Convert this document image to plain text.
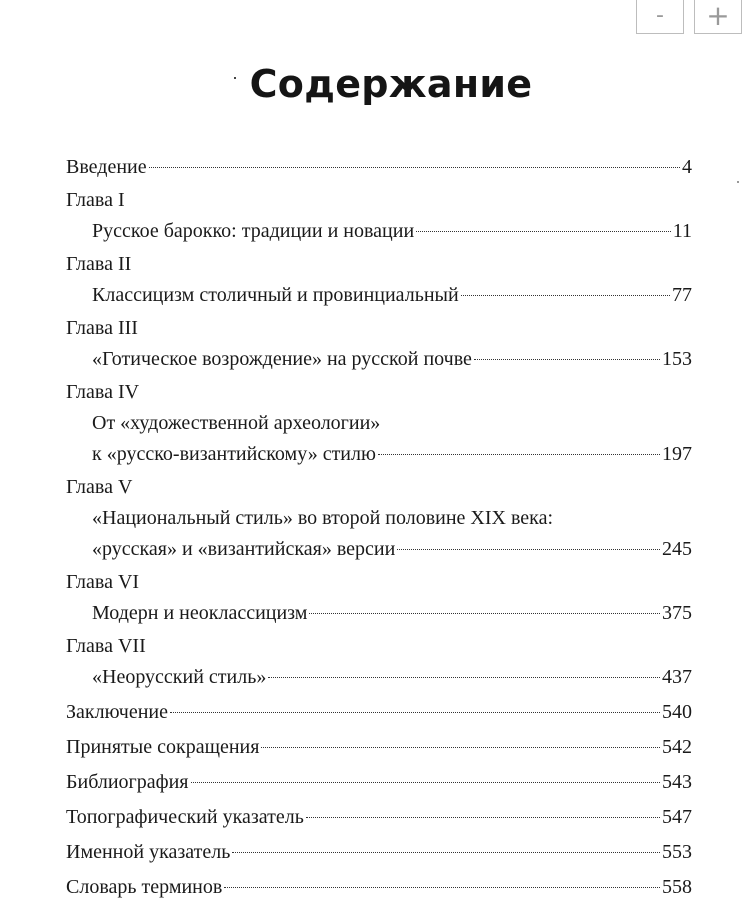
-	+
Содержание
Введение	4
Глава I
Русское барокко: традиции и новации	11
Глава II
Классицизм столичный и провинциальный	77
Глава III
«Готическое возрождение» на русской почве	153
Глава IV
От «художественной археологии»
к «русско-византийскому» стилю	197
Глава V
«Национальный стиль» во второй половине XIX века:
«русская» и «византийская» версии	245
Глава VI
Модерн и неоклассицизм	375
Глава VII
«Неорусский стиль»	437
Заключение	540
Принятые сокращения	542
Библиография	543
Топографический указатель	547
Именной указатель	553
Словарь терминов	558
